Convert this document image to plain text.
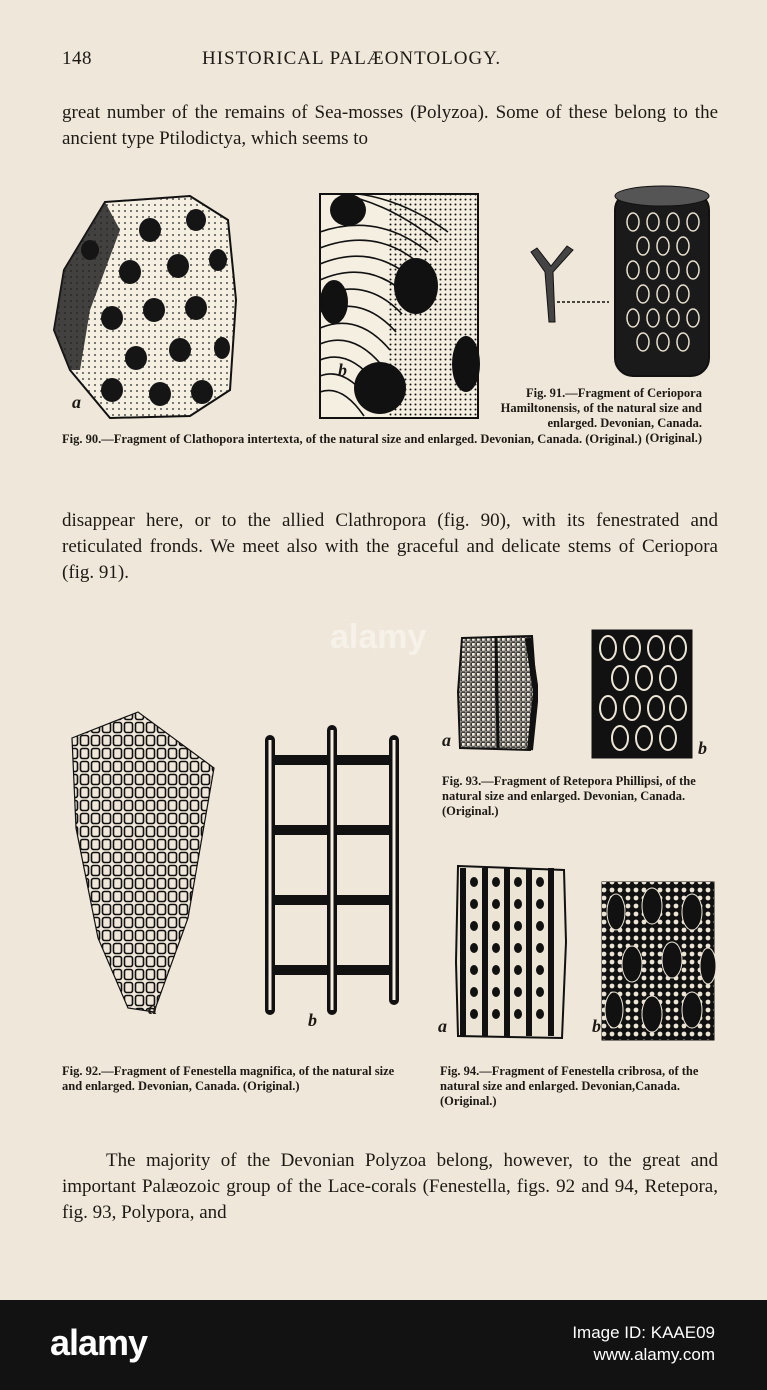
148	HISTORICAL PALÆONTOLOGY.

great number of the remains of Sea-mosses (Polyzoa). Some of these belong to the ancient type Ptilodictya, which seems to

a
b
Fig. 91.—Fragment of Ceriopora Hamiltonensis, of the natural size and enlarged. Devonian, Canada. (Original.)
Fig. 90.—Fragment of Clathopora intertexta, of the natural size and enlarged. Devonian, Canada. (Original.)

disappear here, or to the allied Clathropora (fig. 90), with its fenestrated and reticulated fronds. We meet also with the graceful and delicate stems of Ceriopora (fig. 91).

a
b
a	b
Fig. 93.—Fragment of Retepora Phillipsi, of the natural size and enlarged. Devonian, Canada. (Original.)
a	b
Fig. 92.—Fragment of Fenestella magnifica, of the natural size and enlarged. Devonian, Canada. (Original.)
Fig. 94.—Fragment of Fenestella cribrosa, of the natural size and enlarged. Devonian,Canada. (Original.)

The majority of the Devonian Polyzoa belong, however, to the great and important Palæozoic group of the Lace-corals (Fenestella, figs. 92 and 94, Retepora, fig. 93, Polypora, and

alamy
alamy	Image ID: KAAE09
www.alamy.com
